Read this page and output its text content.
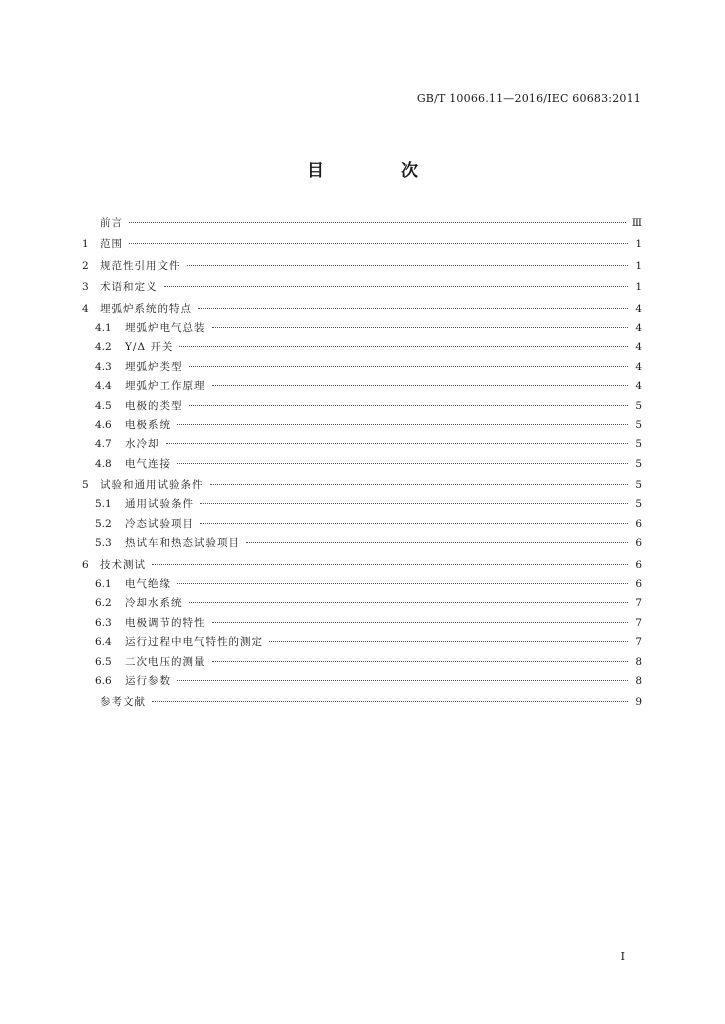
GB/T 10066.11—2016/IEC 60683:2011
目　次
前言	Ⅲ
1	范围	1
2	规范性引用文件	1
3	术语和定义	1
4	埋弧炉系统的特点	4
4.1	埋弧炉电气总装	4
4.2	Y/Δ 开关	4
4.3	埋弧炉类型	4
4.4	埋弧炉工作原理	4
4.5	电极的类型	5
4.6	电极系统	5
4.7	水冷却	5
4.8	电气连接	5
5	试验和通用试验条件	5
5.1	通用试验条件	5
5.2	冷态试验项目	6
5.3	热试车和热态试验项目	6
6	技术测试	6
6.1	电气绝缘	6
6.2	冷却水系统	7
6.3	电极调节的特性	7
6.4	运行过程中电气特性的测定	7
6.5	二次电压的测量	8
6.6	运行参数	8
参考文献	9
I
